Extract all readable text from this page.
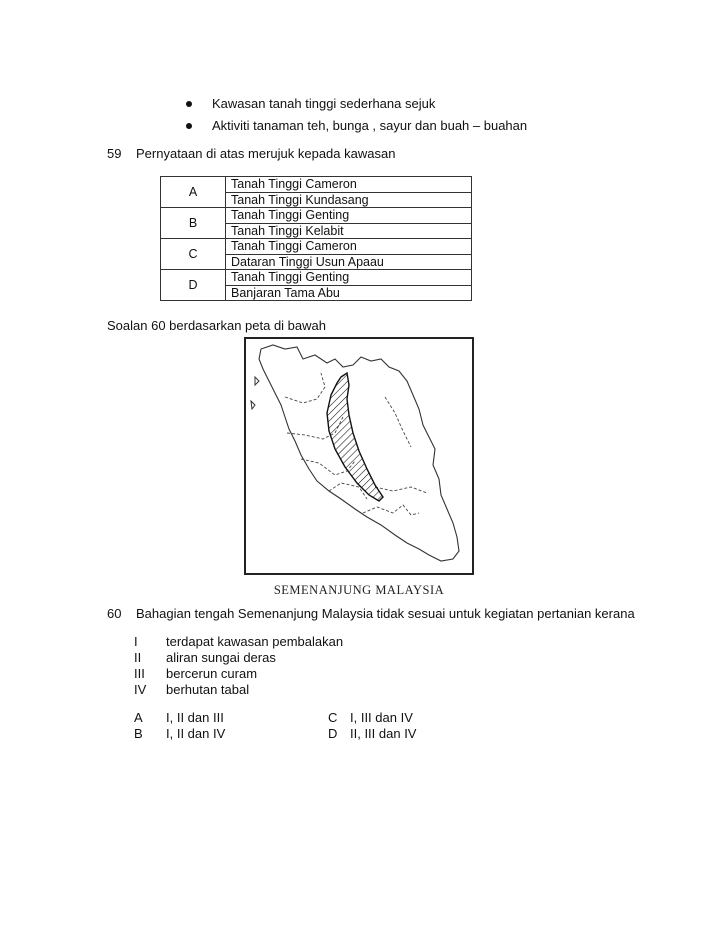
Kawasan tanah tinggi sederhana sejuk
Aktiviti tanaman teh, bunga , sayur dan buah – buahan
59 Pernyataan di atas merujuk kepada kawasan
A	Tanah Tinggi Cameron
	Tanah Tinggi Kundasang
B	Tanah Tinggi Genting
	Tanah Tinggi Kelabit
C	Tanah Tinggi Cameron
	Dataran Tinggi Usun Apaau
D	Tanah Tinggi Genting
	Banjaran Tama Abu
Soalan 60 berdasarkan peta di bawah
SEMENANJUNG MALAYSIA
60 Bahagian tengah Semenanjung Malaysia tidak sesuai untuk kegiatan pertanian kerana
I terdapat kawasan pembalakan
II aliran sungai deras
III bercerun curam
IV berhutan tabal
A I, II dan III
B I, II dan IV
C I, III dan IV
D II, III dan IV
